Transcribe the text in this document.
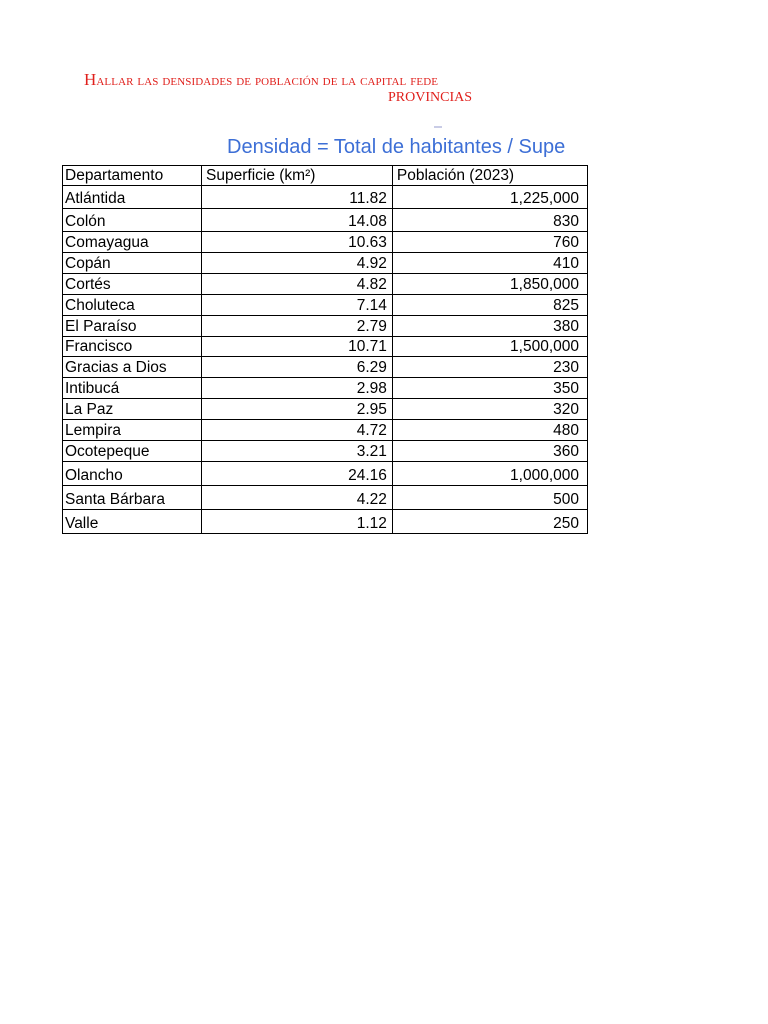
Hallar las densidades de población de la capital fede
PROVINCIAS
Densidad = Total de habitantes / Supe
Departamento	Superficie (km²)	Población (2023)
Atlántida	11.82	1,225,000
Colón	14.08	830
Comayagua	10.63	760
Copán	4.92	410
Cortés	4.82	1,850,000
Choluteca	7.14	825
El Paraíso	2.79	380
Francisco	10.71	1,500,000
Gracias a Dios	6.29	230
Intibucá	2.98	350
La Paz	2.95	320
Lempira	4.72	480
Ocotepeque	3.21	360
Olancho	24.16	1,000,000
Santa Bárbara	4.22	500
Valle	1.12	250
